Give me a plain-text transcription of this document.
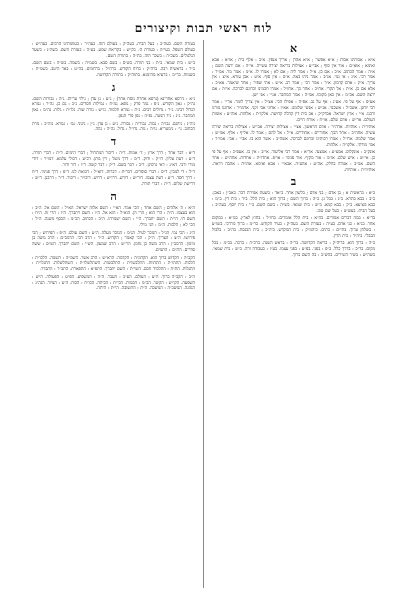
לוח ראשי תבות וקיצורים
א

א״א : אבותינו אבות ; א״א אפשר ; א״א אהרן ; אריך אנפין. א״ב : אלף בית ; או״א : אבא ואימא ; אוא״ם : אור אין סוף ; אבי״ע : אצילות בריאה יצירה עשייה. אי״ה : אם ירצה השם ; א״ה : אמר הכתוב. א״כ : אם כן. א״ל : אמר ליה ; אם לא ; אמרו לו. א״מ : אמר מר. אמ״ר : אמר רבי. א״נ : אי נמי. אנ״ב : אמר ניהו באה. א״ס : אין סוף. א״ע : אבן עזרא. א״צ : אין צריך. א״ק : אדם קדמון. א״ר : אמר רבי ; אמר רב. א״ש : אתי שפיר ; אחר שיאמר. אא״כ : אלא אם כן. א״ת : אל תקרי. אח״כ : אחר כך. אחז״ל : אמרו חכמינו זכרונם לברכה. אי״ה : אם ירצה השם. אכ״מ : אין כאן מקומו. אמ״ה : אמר המחבר. אנ״י : אני ישן.

אע״פ : אף על פי. אע״ג : אף על גב. אפ״ה : אפילו הכי. אצ״ל : אין צריך לומר. אר״י : אמר רבי יוחנן. אשכ״ל : אשכנזי. אנ״ש : אנשי שלומנו. אא״ז : אדוני אבי זקני. אדמו״ר : אדוננו מורנו ורבנו. א״י : ארץ ישראל. אבדק״ק : אב בית דין קהלה קדושה. אלקו״ת : אלהות. אוה״ע : אומות העולם. אד״ש : אדם שלם. או״ח : אורח חיים.

אותיו״ת : אותיות. אדה״ר : אדם הראשון. אצ״י : אצילות יצירה. אבי״ע : אצילות בריאה יצירה עשיה. אחה״כ : אחר הכך. אחוריים : אחוריים. א״ל : אל להם ; אמר לו. אל״ף : אלף. אמ״ש : אמר שלמה. ארז״ל : אמרו רבותינו זכרונם לברכה. אשה״ב : אשר הוא בו. אב״י : אבי. אמו״ר : אמי מורתי. אלקו״ה : אלהות.

אונק״ב : אונקלוס. אמצ״ע : אמצעי. אר״א : אמר רבי אליעזר. אי״ב : אין בו. אעפ״כ : אף על פי כן. אי״ש : איש שלם. או״מ : אור מקיף. אור פנימי : או״פ. אחדו״ת : אחדות. אחה״ש : אחר השם. אגו״ב : אגודה בחלק. אה״ע : אהע״ה. אבא״י : אבא ואימא. אהו״ה : אהבה ויראה. אותיוו״ת : אותיות.

ב

ב״א : בראשית א ; בן אדם ; בני אדם ; בלשון אחר. ב״אד : בשעת אמירת דבר. באב״ן : באבן. ב״ב : בבא בתרא. ב״ג : בבל גן. ב״ה : ברוך השם ; ברוך הוא ; בית הלל. ב״ד : בית דין. ב״מ : בבא מציעא. ב״ק : בבא קמא. ב״ש : בית שמאי. בש״ה : בשם השם. ב״י : בית יוסף. בעה״ב : בעל הבית. בעש״ט : בעל שם טוב.

בד״א : במה דברים אמורים. בה״א : בית הלל אומרים. בחו״ל : בחוץ לארץ. במ״א : במקום אחר. בנ״א : בני אדם. בע״ה : בעזרת השם. בעה״ק : בעיר הקודש. בר״מ : ברוך מרדכי. בשו״ע : בשלחן ערוך. בתי״ם : בתים. ביהמ״ק : בית המקדש. ביה״כ : בית הכנסת. בה״ב : בלבול הבבלי. ביה״ד : בית הדין.

ב״ה : ברוך הוא. בריה״ק : בריאה הקדושה. בר״ה : בראש השנה. ברכ״ה : ברכה. בכ״מ : בכל מקום. בד״כ : בדרך כלל. ב״פ : בפני. בפ״ע : בפני עצמו. בע״ז : בעבודה זרה. ב״ש : בית שמאי. בשה״ש : בשיר השירים. בהש״ב : בה השם ברוך.

בעזרת השם. בעה״ב : בעל הבית. בעה״ק : בעולם הזה. בעה״ר : בעוונותינו הרבים. בעה״ש : בעולם השפל. בעי״ה : בעזרת ה׳. בק״ש : בקריאת שמע. בע״ה : בעזרת השם. בשה״ג : בשער הגלגולים. בשכ״ה : בשכר הוה. בת״ה : בתורת השם.

ב״ש : בית שמאי. ב״ת : בני תורה. בש״ס : בשם סבא. בשמ״ה : בשמה. בש״ה : בשם השם. ב״ר : בראשית רבה. ברה״ק : ברוח הקודש. ברח״ל : ברחמים. בה״ט : באר היטב. בשמ״ת : בשמות. בר״מ : ברעיא מהימנא. בתוה״ק : בתורה הקדושה.

ג

ג״א : גירסא אחרינא (גרסא אחרת נוסח אחר) ; ג״ע : גן עדן ; גילוי עריות. ג״ה : גבורות השם. גה״ק : גאון הקודש. ג״פ : גמר פרק ; גופא. גמ״ח : גמילות חסדים. ג״כ : גם כן. גה״ר : גמרא הגדול רבינו. ג״ר : גדולים רבים. ג״ת : גמרא תלמוד. גז״ש : גזרה שוה. גלו״ת : גלות. גה״מ : גאון המחבר. ג״נ : גיד הנשה. גפ״ה : גפן פרי הגפן.

גיה״נ : גיהנם. גבו״ה : גבוה. גבור״ה : גבורה. ג״ע : גן עדן. ג״ן : גינוני. גמ׳ : גמרא. גזה״כ : גזרת הכתוב. גי׳ : גימטריא. גו״ה : גוה. גדו״ל : גדול. גה״ה : גהה.

ד

ד״א : דבר אחר ; דרך ארץ ; ד׳ אמות. ד״ה : דיבור המתחיל ; דברי הימים. ד״ת : דברי תורה. ד״ע : דעת עליון. דו״ק : ודוק. ד״מ : דרך משל ; דין מתן. דכ״ע : דכולי עלמא. דמו״ר : דודי מורי ורבי. דא״ג : דאי גרסינן. ד״ב : דבר בשם. ד״ק : דבר קשה. ד״ו : דור ודור.

ד״ל : די למבין. ד״ס : דברי סופרים. דבר״ת : דברות. דזא״ל : דבזאת לנו. ד״פ : דרך פנימי. ד״ח : דרך חסד. ד״ע : דעת עצמו. דור״ש : דורש. דרו״ש : דרוש. דיבו״ר : דיבור. ד״ר : דרבנן. ד״ש : דרישת שלום. ד״ת : דברי תורה.

ה

ה״א : ה׳ אלהים ; השם אחד ; הכי אמר. הא״י : השם אלוה ישראל. הא״ל : השם אל. ה״ב : הוא בעצמו. ה״ה : הרי הוא ; הרי הן. הוא״ל : הוא אל. ה״ו : השם ויתברך. ה״ז : הרי זה. ה״ח : השם חי. הי״ת : השם יתברך. ה״י : השם ישמרהו. ה״כ : הכתוב. הכ״מ : הכסף משנה. ה״ל : הכי לא ; הלכות. ה״מ : הני מילי.

ה״נ : הכי נמי. הנ״ל : הנזכר לעיל. הנ״מ : הנזכר מעלה. ה״ע : השם עולם. ה״פ : הפירוש ; הכי פירושו. ה״צ : הצריך. ה״ק : הכי קאמר ; הקדוש. ה״ר : הרב רבי. הרמב״ם : הרב משה בן מימון. הרמב״ן : הרב משה בן נחמן. הר״ש : הרב שמעון. הש״י : השם יתברך. הש״ס : ששה סדרים. הת״ם : התמים.

הקב״ה : הקדוש ברוך הוא. הקדמ״ה : הקדמה. הרא״ש : הרב אשר. השמ״ה : השמה. הלכו״ת : הלכות. התהו״ת : התהוות. התלבשו״ת : התלבשות. השתלשלו״ת : השתלשלות. התגלו״ת : התגלות. הת״ח : התלמיד חכם. השי״ת : השם יתברך. התפ״א : התפארת. התב״ר : התברר.

ה״ב : הקב״ה ברוך. ה״ע : העולם. הע״ב : העבר. ה״ה : המשפיע. הפ״ע : הפעולה. ה״ש : השפעה. הקו״ש : הקשר. הכ״מ : הכמות. הכי״ת : הכיתה. הכו״ח : הכוח. ה״צ : הציור. הנה״ג : הנהגה. המשכ״ה : המשכה. ה״ת : התשובה. הי״ת : היתה.
